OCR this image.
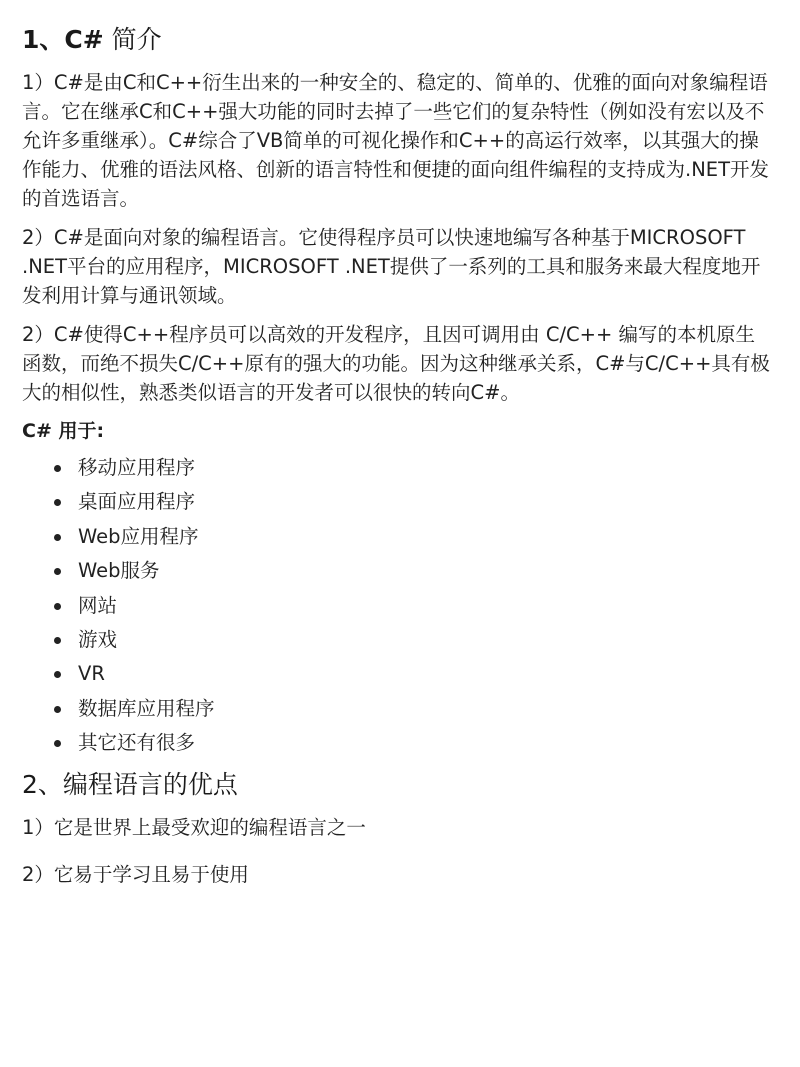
1、C# 简介

1）C#是由C和C++衍生出来的一种安全的、稳定的、简单的、优雅的面向对象编程语言。它在继承C和C++强大功能的同时去掉了一些它们的复杂特性（例如没有宏以及不允许多重继承）。C#综合了VB简单的可视化操作和C++的高运行效率，以其强大的操作能力、优雅的语法风格、创新的语言特性和便捷的面向组件编程的支持成为.NET开发的首选语言。

2）C#是面向对象的编程语言。它使得程序员可以快速地编写各种基于MICROSOFT .NET平台的应用程序，MICROSOFT .NET提供了一系列的工具和服务来最大程度地开发利用计算与通讯领域。

2）C#使得C++程序员可以高效的开发程序，且因可调用由 C/C++ 编写的本机原生函数，而绝不损失C/C++原有的强大的功能。因为这种继承关系，C#与C/C++具有极大的相似性，熟悉类似语言的开发者可以很快的转向C#。

C# 用于:
移动应用程序
桌面应用程序
Web应用程序
Web服务
网站
游戏
VR
数据库应用程序
其它还有很多
2、编程语言的优点

1）它是世界上最受欢迎的编程语言之一

2）它易于学习且易于使用
